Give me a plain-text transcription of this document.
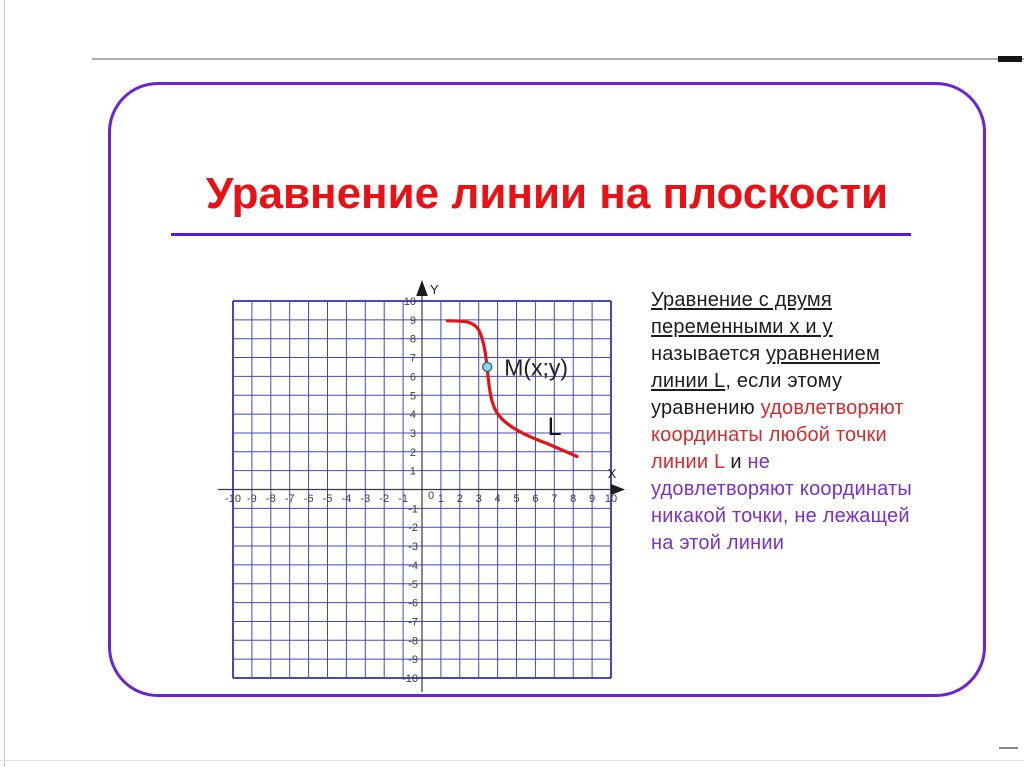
Уравнение линии на плоскости
X
Y
-10 -9 -8 -7 -6 -5 -4 -3 -2 -1 0 1 2 3 4 5 6 7 8 9 10
10
9
8
7
6
5
4
3
2
1
-1
-2
-3
-4
-5
-6
-7
-8
-9
-10
M(x;y)
L
Уравнение с двумя
переменными x и y
называется уравнением
линии L, если этому
уравнению удовлетворяют
координаты любой точки
линии L и не
удовлетворяют координаты
никакой точки, не лежащей
на этой линии
